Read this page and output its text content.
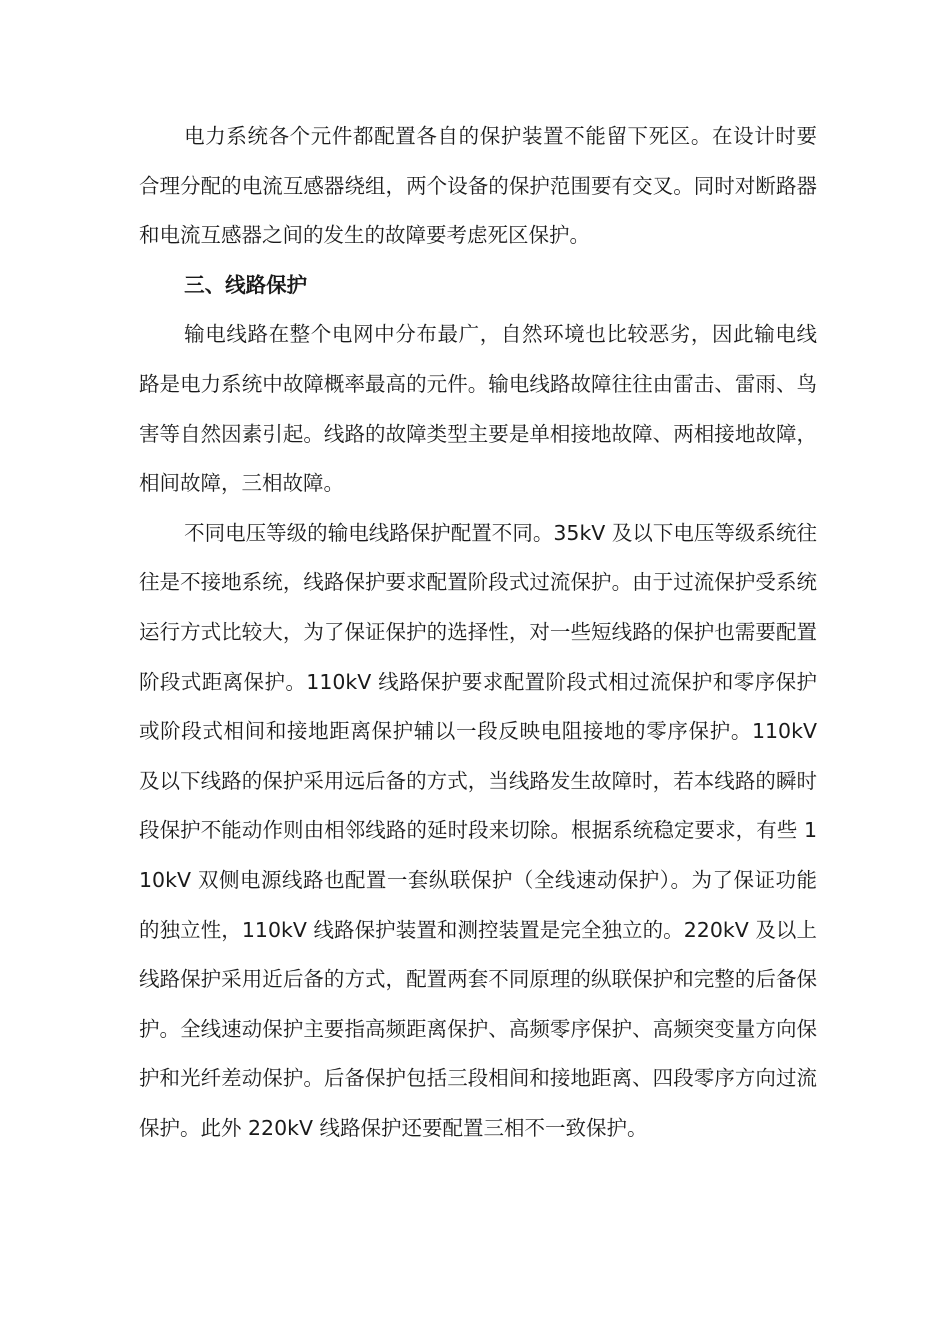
电力系统各个元件都配置各自的保护装置不能留下死区。在设计时要合理分配的电流互感器绕组，两个设备的保护范围要有交叉。同时对断路器和电流互感器之间的发生的故障要考虑死区保护。

三、线路保护

输电线路在整个电网中分布最广，自然环境也比较恶劣，因此输电线路是电力系统中故障概率最高的元件。输电线路故障往往由雷击、雷雨、鸟害等自然因素引起。线路的故障类型主要是单相接地故障、两相接地故障，相间故障，三相故障。

不同电压等级的输电线路保护配置不同。35kV 及以下电压等级系统往往是不接地系统，线路保护要求配置阶段式过流保护。由于过流保护受系统运行方式比较大，为了保证保护的选择性，对一些短线路的保护也需要配置阶段式距离保护。110kV 线路保护要求配置阶段式相过流保护和零序保护或阶段式相间和接地距离保护辅以一段反映电阻接地的零序保护。110kV 及以下线路的保护采用远后备的方式，当线路发生故障时，若本线路的瞬时段保护不能动作则由相邻线路的延时段来切除。根据系统稳定要求，有些 110kV 双侧电源线路也配置一套纵联保护（全线速动保护）。为了保证功能的独立性，110kV 线路保护装置和测控装置是完全独立的。220kV 及以上线路保护采用近后备的方式，配置两套不同原理的纵联保护和完整的后备保护。全线速动保护主要指高频距离保护、高频零序保护、高频突变量方向保护和光纤差动保护。后备保护包括三段相间和接地距离、四段零序方向过流保护。此外 220kV 线路保护还要配置三相不一致保护。
